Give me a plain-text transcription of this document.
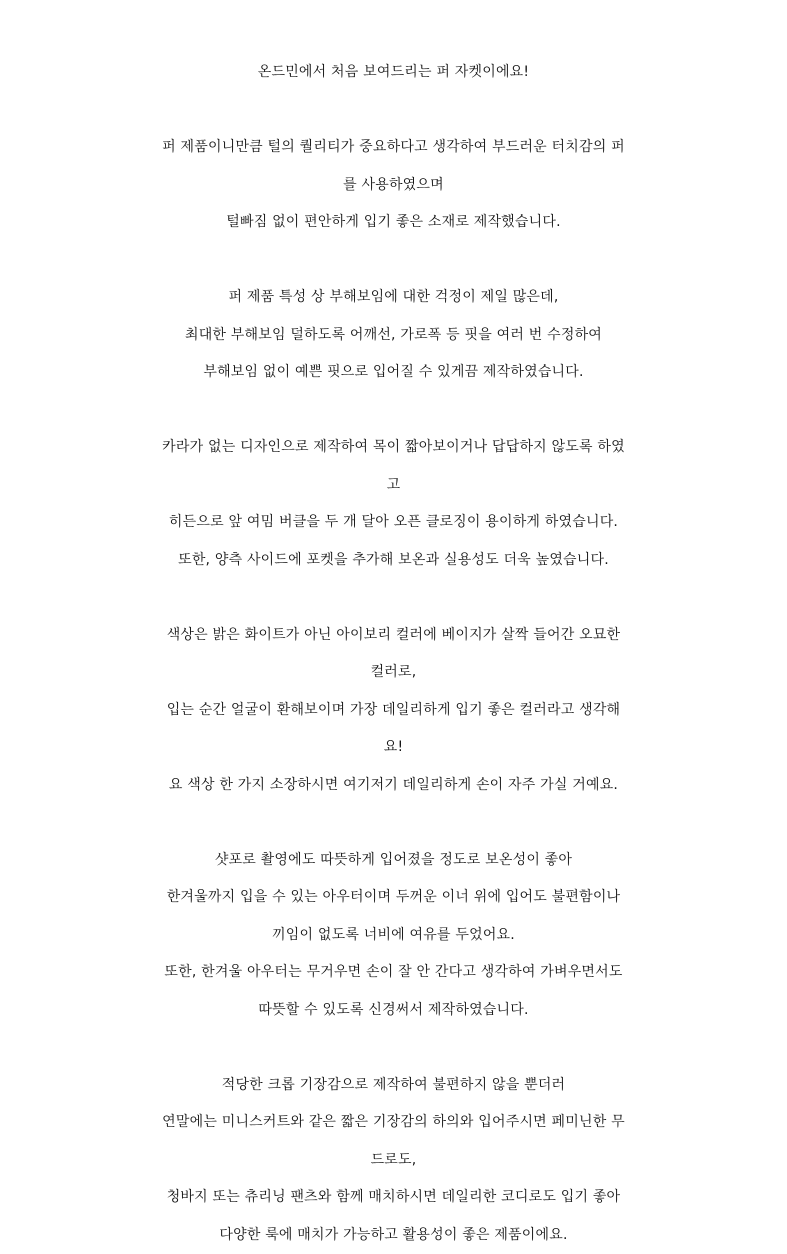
온드민에서 처음 보여드리는 퍼 자켓이에요!
퍼 제품이니만큼 털의 퀄리티가 중요하다고 생각하여 부드러운 터치감의 퍼
를 사용하였으며
털빠짐 없이 편안하게 입기 좋은 소재로 제작했습니다.
퍼 제품 특성 상 부해보임에 대한 걱정이 제일 많은데,
최대한 부해보임 덜하도록 어깨선, 가로폭 등 핏을 여러 번 수정하여
부해보임 없이 예쁜 핏으로 입어질 수 있게끔 제작하였습니다.
카라가 없는 디자인으로 제작하여 목이 짧아보이거나 답답하지 않도록 하였
고
히든으로 앞 여밈 버클을 두 개 달아 오픈 클로징이 용이하게 하였습니다.
또한, 양측 사이드에 포켓을 추가해 보온과 실용성도 더욱 높였습니다.
색상은 밝은 화이트가 아닌 아이보리 컬러에 베이지가 살짝 들어간 오묘한
컬러로,
입는 순간 얼굴이 환해보이며 가장 데일리하게 입기 좋은 컬러라고 생각해
요!
요 색상 한 가지 소장하시면 여기저기 데일리하게 손이 자주 가실 거예요.
샷포로 촬영에도 따뜻하게 입어졌을 정도로 보온성이 좋아
한겨울까지 입을 수 있는 아우터이며 두꺼운 이너 위에 입어도 불편함이나
끼임이 없도록 너비에 여유를 두었어요.
또한, 한겨울 아우터는 무거우면 손이 잘 안 간다고 생각하여 가벼우면서도
따뜻할 수 있도록 신경써서 제작하였습니다.
적당한 크롭 기장감으로 제작하여 불편하지 않을 뿐더러
연말에는 미니스커트와 같은 짧은 기장감의 하의와 입어주시면 페미닌한 무
드로도,
청바지 또는 츄리닝 팬츠와 함께 매치하시면 데일리한 코디로도 입기 좋아
다양한 룩에 매치가 가능하고 활용성이 좋은 제품이에요.
